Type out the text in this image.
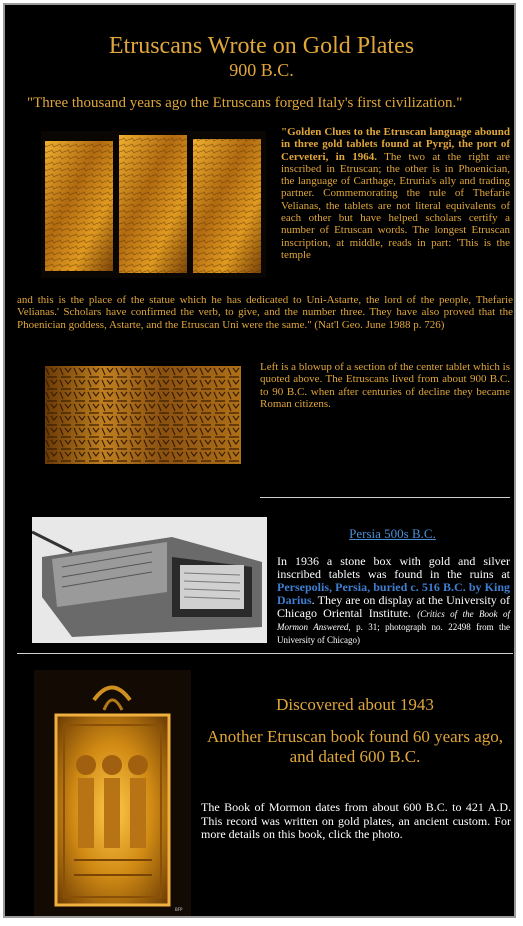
Etruscans Wrote on Gold Plates
900 B.C.
"Three thousand years ago the Etruscans forged Italy's first civilization."
"Golden Clues to the Etruscan language abound in three gold tablets found at Pyrgi, the port of Cerveteri, in 1964. The two at the right are inscribed in Etruscan; the other is in Phoenician, the language of Carthage, Etruria's ally and trading partner. Commemorating the rule of Thefarie Velianas, the tablets are not literal equivalents of each other but have helped scholars certify a number of Etruscan words. The longest Etruscan inscription, at middle, reads in part: 'This is the temple
and this is the place of the statue which he has dedicated to Uni-Astarte, the lord of the people, Thefarie Velianas.' Scholars have confirmed the verb, to give, and the number three. They have also proved that the Phoenician goddess, Astarte, and the Etruscan Uni were the same." (Nat'l Geo. June 1988 p. 726)
Left is a blowup of a section of the center tablet which is quoted above. The Etruscans lived from about 900 B.C. to 90 B.C. when after centuries of decline they became Roman citizens.
Persia 500s B.C.
In 1936 a stone box with gold and silver inscribed tablets was found in the ruins at Persepolis, Persia, buried c. 516 B.C. by King Darius. They are on display at the University of Chicago Oriental Institute. (Critics of the Book of Mormon Answered, p. 31; photograph no. 22498 from the University of Chicago)
BFP
Discovered about 1943
Another Etruscan book found 60 years ago,
and dated 600 B.C.
The Book of Mormon dates from about 600 B.C. to 421 A.D. This record was written on gold plates, an ancient custom. For more details on this book, click the photo.
